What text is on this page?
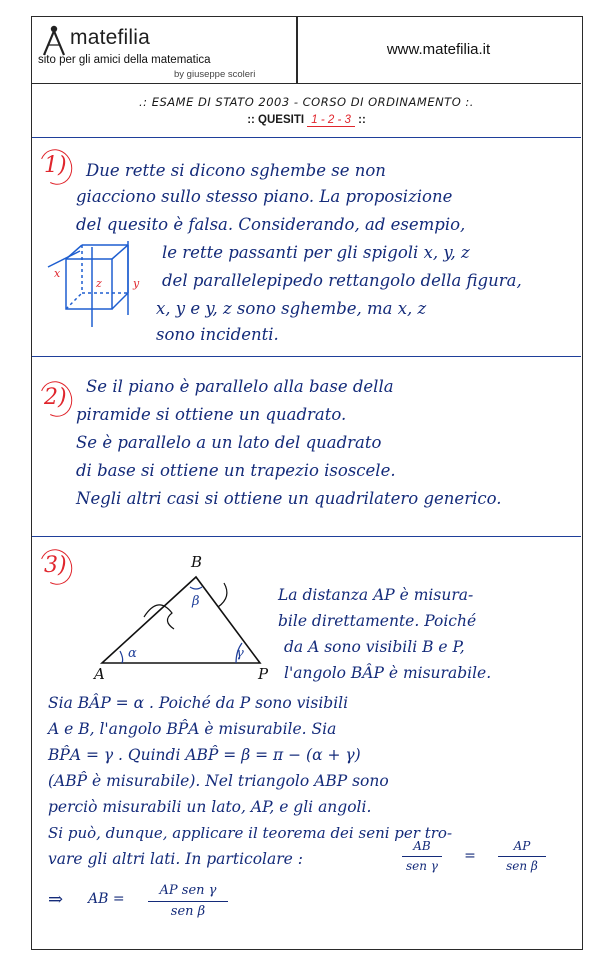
matefilia
sito per gli amici della matematica
by giuseppe scoleri
www.matefilia.it
.: ESAME DI STATO 2003 - CORSO DI ORDINAMENTO :.
:: QUESITI 1 - 2 - 3 ::
1) Due rette si dicono sghembe se non
giacciono sullo stesso piano. La proposizione
del quesito è falsa. Considerando, ad esempio,
le rette passanti per gli spigoli x, y, z
del parallelepipedo rettangolo della figura,
x, y e y, z sono sghembe, ma x, z
sono incidenti.
x
y
z
2) Se il piano è parallelo alla base della
piramide si ottiene un quadrato.
Se è parallelo a un lato del quadrato
di base si ottiene un trapezio isoscele.
Negli altri casi si ottiene un quadrilatero generico.
3)	B
A	P
α
β
γ
La distanza AP è misura-
bile direttamente. Poiché
da A sono visibili B e P,
l'angolo BÂP è misurabile.
Sia BÂP = α . Poiché da P sono visibili
A e B, l'angolo BP̂A è misurabile. Sia
BP̂A = γ . Quindi ABP̂ = β = π − (α + γ)
(ABP̂ è misurabile). Nel triangolo ABP sono
perciò misurabili un lato, AP, e gli angoli.
Si può, dunque, applicare il teorema dei seni per tro-
vare gli altri lati. In particolare :
AB
sen γ
=
AP
sen β
⇒ AB =
AP sen γ
sen β
